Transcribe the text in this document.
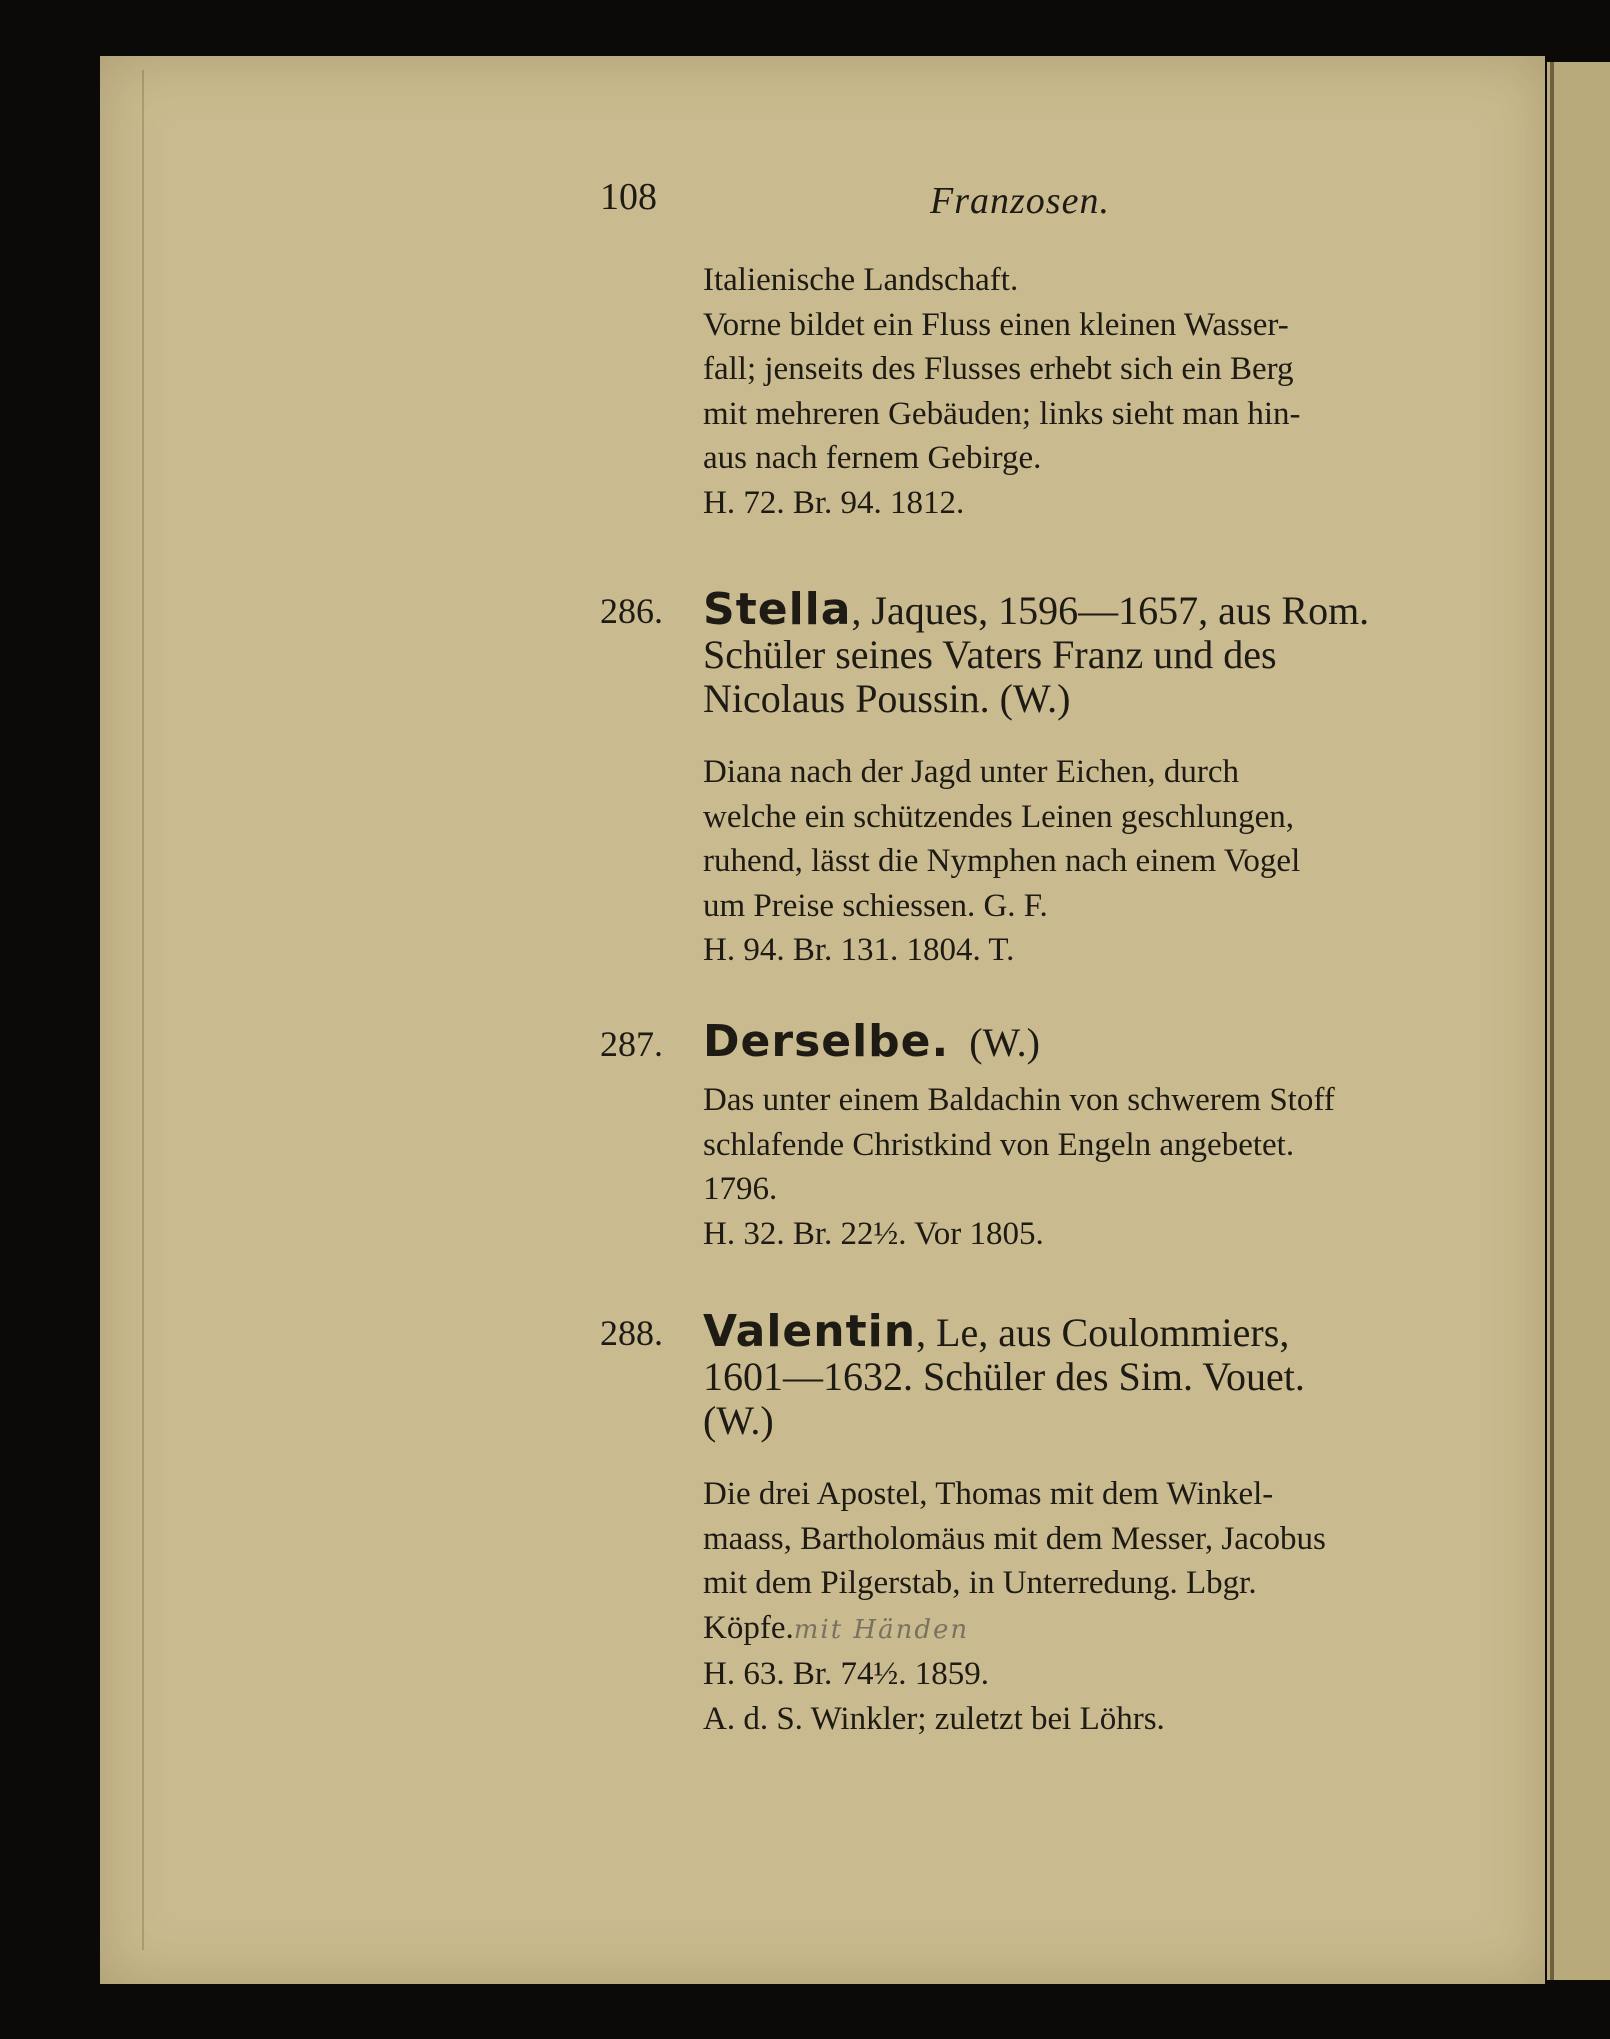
108	Franzosen.
Italienische Landschaft.
Vorne bildet ein Fluss einen kleinen Wasser-
fall; jenseits des Flusses erhebt sich ein Berg
mit mehreren Gebäuden; links sieht man hin-
aus nach fernem Gebirge.
H. 72. Br. 94. 1812.
286. Stella, Jaques, 1596—1657, aus Rom.
Schüler seines Vaters Franz und des
Nicolaus Poussin. (W.)
Diana nach der Jagd unter Eichen, durch
welche ein schützendes Leinen geschlungen,
ruhend, lässt die Nymphen nach einem Vogel
um Preise schiessen. G. F.
H. 94. Br. 131. 1804. T.
287. Derselbe. (W.)
Das unter einem Baldachin von schwerem Stoff
schlafende Christkind von Engeln angebetet.
1796.
H. 32. Br. 22½. Vor 1805.
288. Valentin, Le, aus Coulommiers,
1601—1632. Schüler des Sim. Vouet.
(W.)
Die drei Apostel, Thomas mit dem Winkel-
maass, Bartholomäus mit dem Messer, Jacobus
mit dem Pilgerstab, in Unterredung. Lbgr.
Köpfe.mit Händen
H. 63. Br. 74½. 1859.
A. d. S. Winkler; zuletzt bei Löhrs.
